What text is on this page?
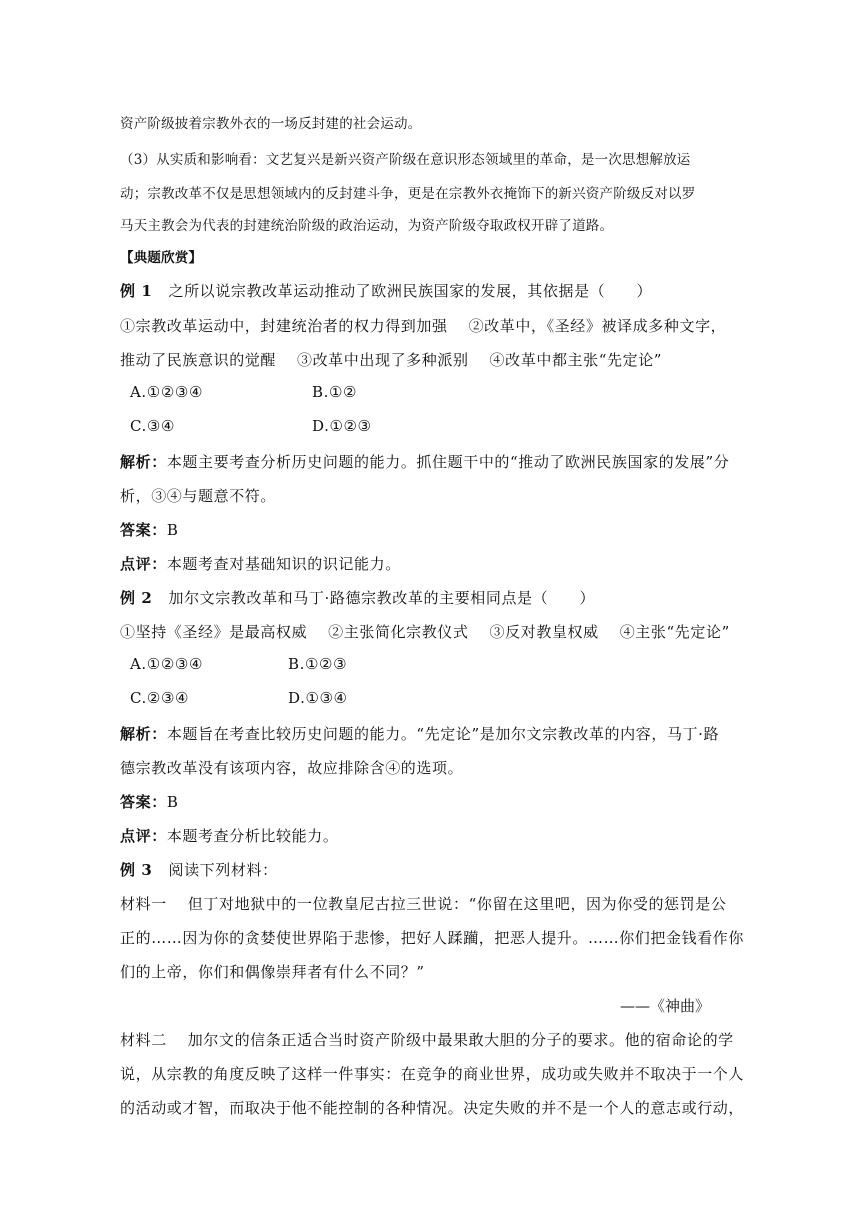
资产阶级披着宗教外衣的一场反封建的社会运动。
（3）从实质和影响看：文艺复兴是新兴资产阶级在意识形态领域里的革命，是一次思想解放运
动；宗教改革不仅是思想领域内的反封建斗争，更是在宗教外衣掩饰下的新兴资产阶级反对以罗
马天主教会为代表的封建统治阶级的政治运动，为资产阶级夺取政权开辟了道路。
【典题欣赏】
例 1 之所以说宗教改革运动推动了欧洲民族国家的发展，其依据是（　　）
①宗教改革运动中，封建统治者的权力得到加强　 ②改革中，《圣经》被译成多种文字，
推动了民族意识的觉醒　 ③改革中出现了多种派别　 ④改革中都主张“先定论”
A.①②③④	B.①②
C.③④	D.①②③
解析：本题主要考查分析历史问题的能力。抓住题干中的“推动了欧洲民族国家的发展”分
析，③④与题意不符。
答案：B
点评：本题考查对基础知识的识记能力。
例 2 加尔文宗教改革和马丁·路德宗教改革的主要相同点是（　　）
①坚持《圣经》是最高权威　 ②主张简化宗教仪式　 ③反对教皇权威　 ④主张“先定论”
A.①②③④	B.①②③
C.②③④	D.①③④
解析：本题旨在考查比较历史问题的能力。“先定论”是加尔文宗教改革的内容，马丁·路
德宗教改革没有该项内容，故应排除含④的选项。
答案：B
点评：本题考查分析比较能力。
例 3 阅读下列材料：
材料一　 但丁对地狱中的一位教皇尼古拉三世说：“你留在这里吧，因为你受的惩罚是公
正的……因为你的贪婪使世界陷于悲惨，把好人蹂躏，把恶人提升。……你们把金钱看作你
们的上帝，你们和偶像崇拜者有什么不同？”
——《神曲》
材料二　 加尔文的信条正适合当时资产阶级中最果敢大胆的分子的要求。他的宿命论的学
说，从宗教的角度反映了这样一件事实：在竞争的商业世界，成功或失败并不取决于一个人
的活动或才智，而取决于他不能控制的各种情况。决定失败的并不是一个人的意志或行动，
